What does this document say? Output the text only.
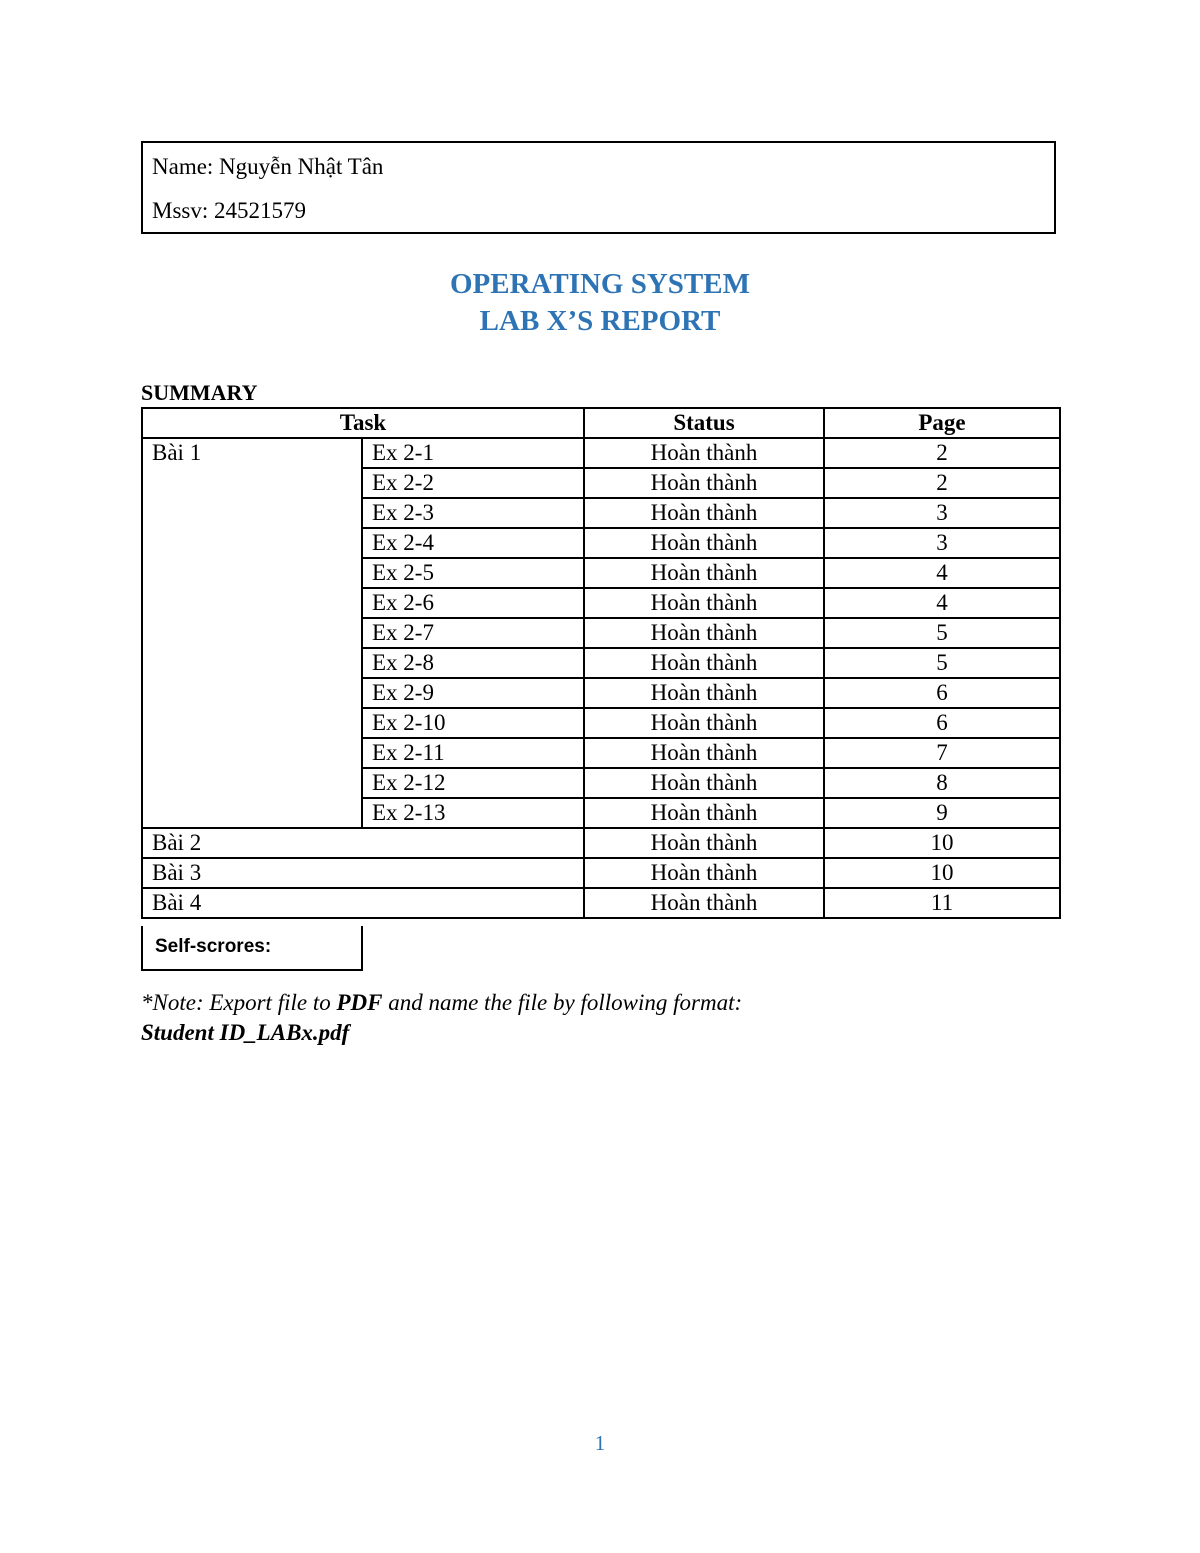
Name: Nguyễn Nhật Tân
Mssv: 24521579
OPERATING SYSTEM
LAB X’S REPORT
SUMMARY
Task		Status	Page
Bài 1	Ex 2-1	Hoàn thành	2
	Ex 2-2	Hoàn thành	2
	Ex 2-3	Hoàn thành	3
	Ex 2-4	Hoàn thành	3
	Ex 2-5	Hoàn thành	4
	Ex 2-6	Hoàn thành	4
	Ex 2-7	Hoàn thành	5
	Ex 2-8	Hoàn thành	5
	Ex 2-9	Hoàn thành	6
	Ex 2-10	Hoàn thành	6
	Ex 2-11	Hoàn thành	7
	Ex 2-12	Hoàn thành	8
	Ex 2-13	Hoàn thành	9
Bài 2		Hoàn thành	10
Bài 3		Hoàn thành	10
Bài 4		Hoàn thành	11
Self-scrores:
*Note: Export file to PDF and name the file by following format:
Student ID_LABx.pdf
1
